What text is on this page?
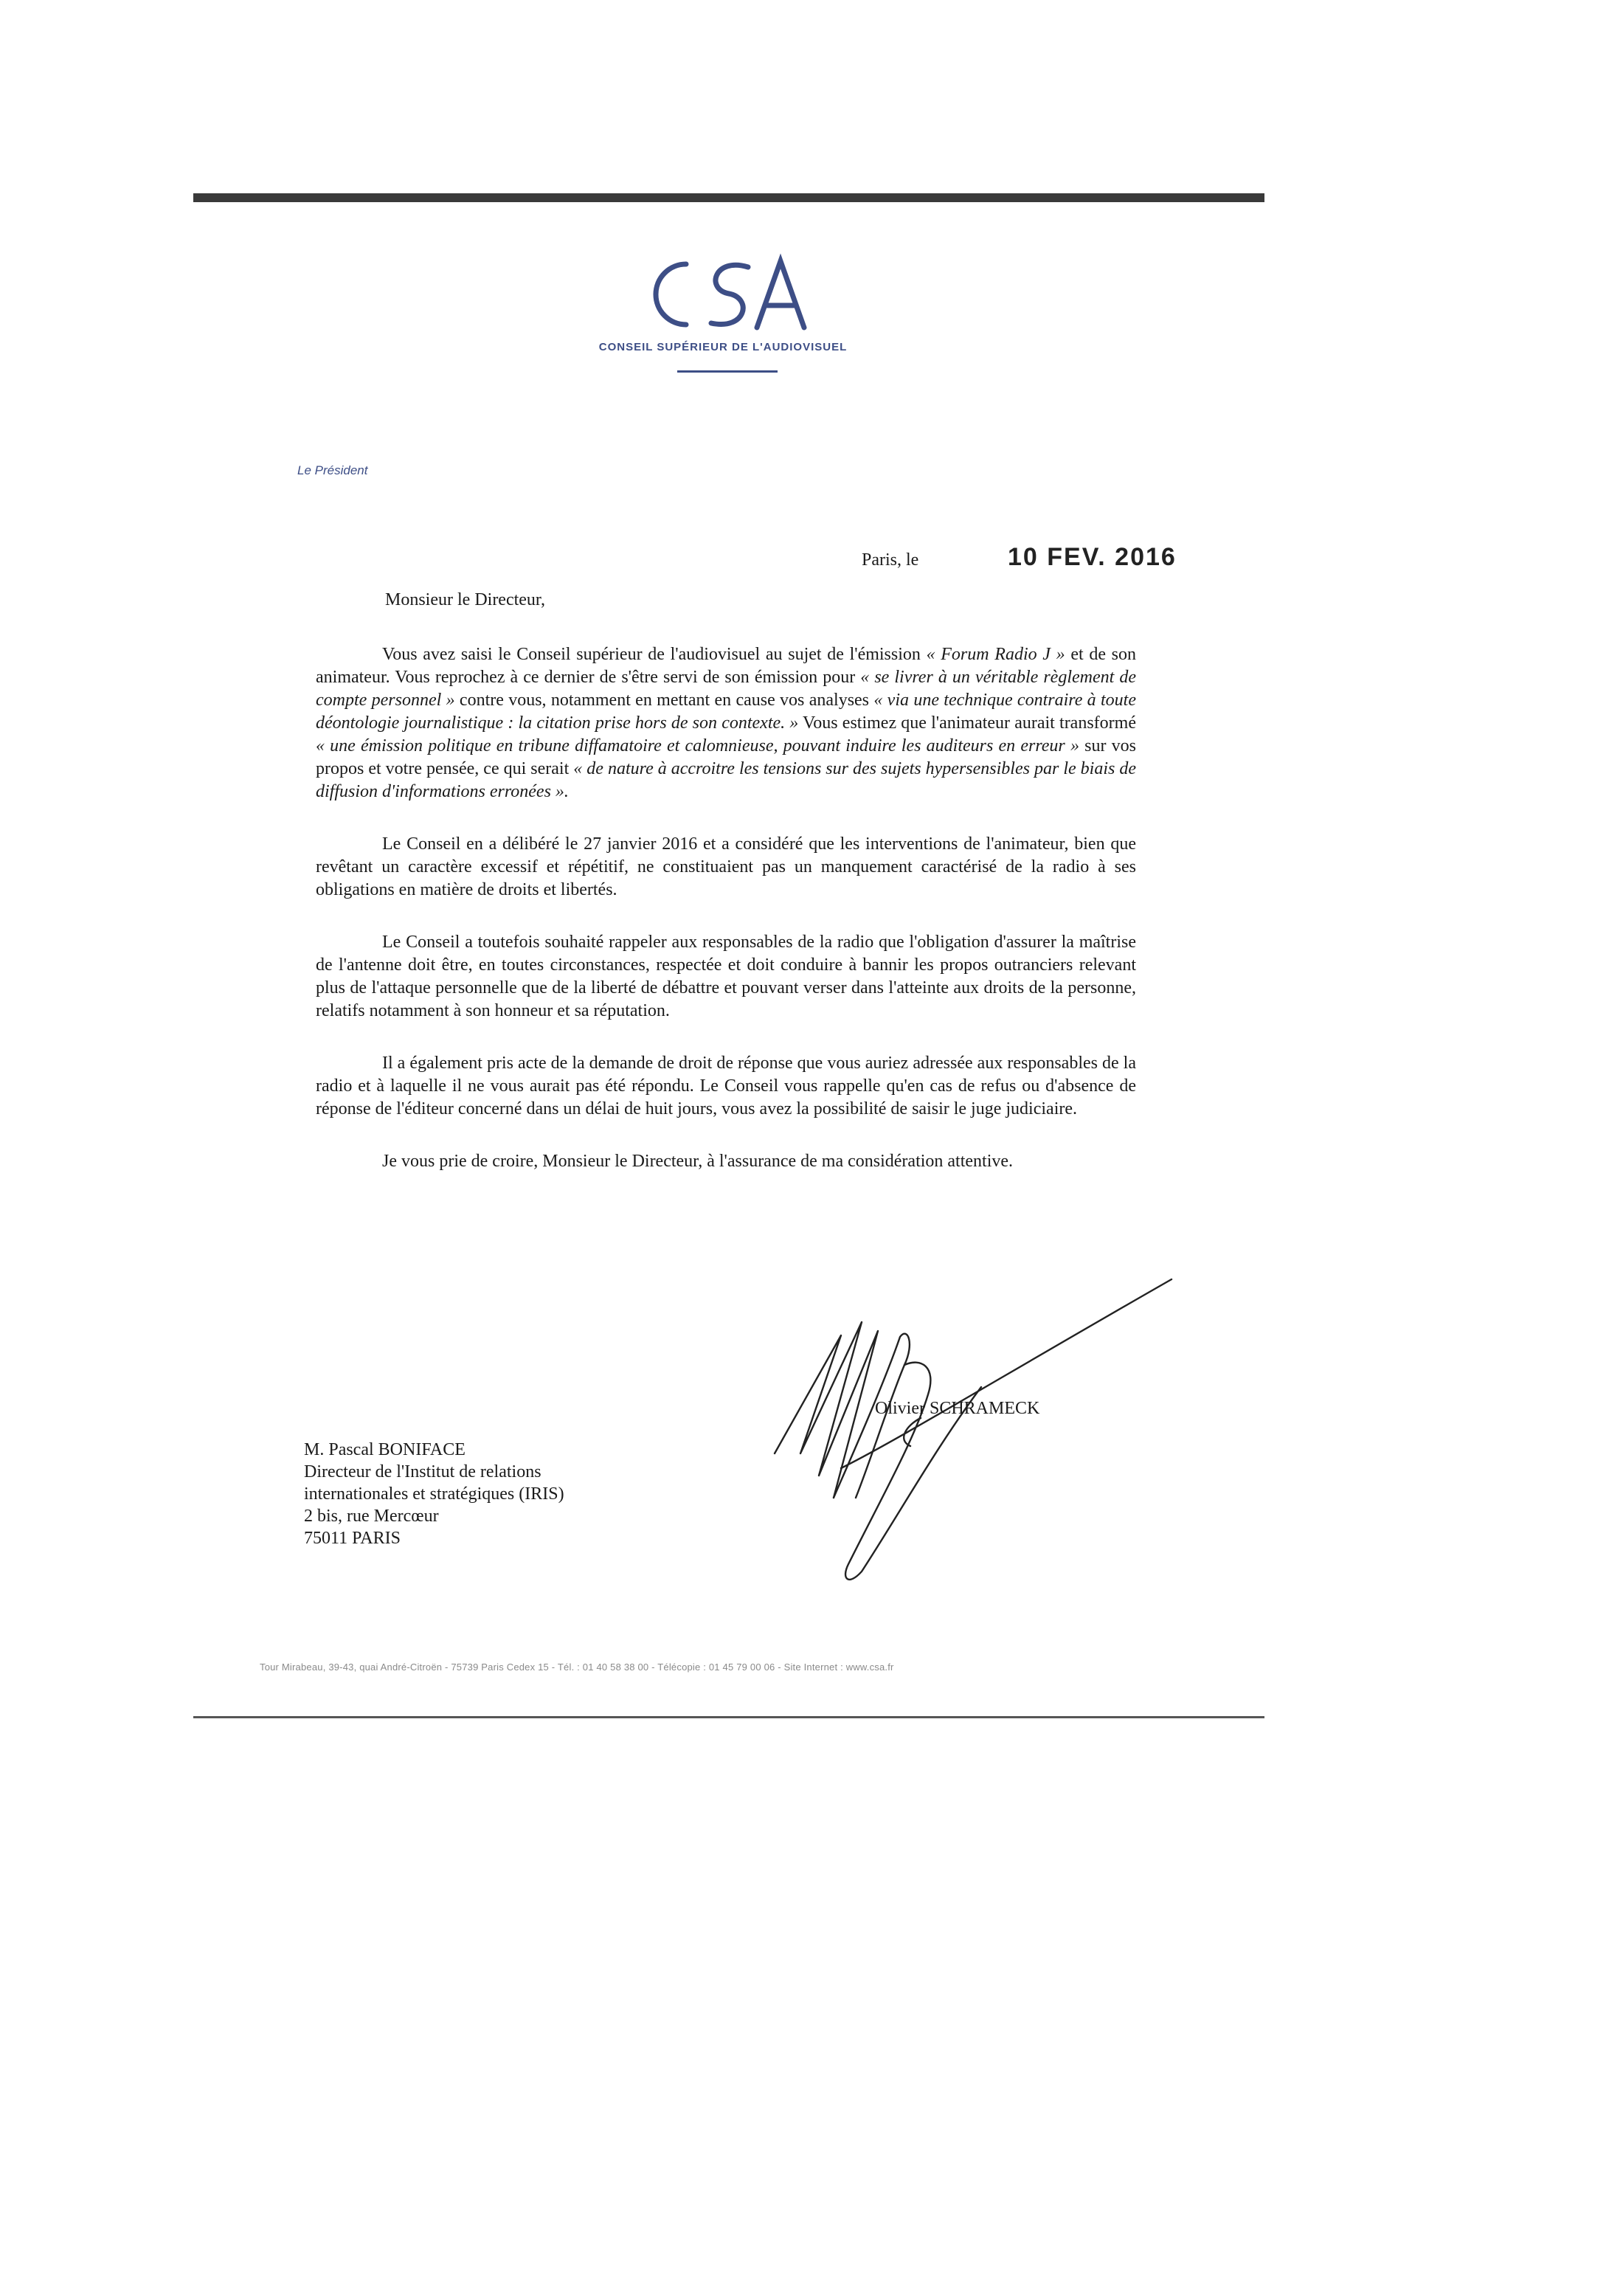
CONSEIL SUPÉRIEUR DE L'AUDIOVISUEL
Le Président
Paris, le	10 FEV. 2016
Monsieur le Directeur,

Vous avez saisi le Conseil supérieur de l'audiovisuel au sujet de l'émission « Forum Radio J » et de son animateur. Vous reprochez à ce dernier de s'être servi de son émission pour « se livrer à un véritable règlement de compte personnel » contre vous, notamment en mettant en cause vos analyses « via une technique contraire à toute déontologie journalistique : la citation prise hors de son contexte. » Vous estimez que l'animateur aurait transformé « une émission politique en tribune diffamatoire et calomnieuse, pouvant induire les auditeurs en erreur » sur vos propos et votre pensée, ce qui serait « de nature à accroitre les tensions sur des sujets hypersensibles par le biais de diffusion d'informations erronées ».

Le Conseil en a délibéré le 27 janvier 2016 et a considéré que les interventions de l'animateur, bien que revêtant un caractère excessif et répétitif, ne constituaient pas un manquement caractérisé de la radio à ses obligations en matière de droits et libertés.

Le Conseil a toutefois souhaité rappeler aux responsables de la radio que l'obligation d'assurer la maîtrise de l'antenne doit être, en toutes circonstances, respectée et doit conduire à bannir les propos outranciers relevant plus de l'attaque personnelle que de la liberté de débattre et pouvant verser dans l'atteinte aux droits de la personne, relatifs notamment à son honneur et sa réputation.

Il a également pris acte de la demande de droit de réponse que vous auriez adressée aux responsables de la radio et à laquelle il ne vous aurait pas été répondu. Le Conseil vous rappelle qu'en cas de refus ou d'absence de réponse de l'éditeur concerné dans un délai de huit jours, vous avez la possibilité de saisir le juge judiciaire.

Je vous prie de croire, Monsieur le Directeur, à l'assurance de ma considération attentive.

Olivier SCHRAMECK
M. Pascal BONIFACE
Directeur de l'Institut de relations
internationales et stratégiques (IRIS)
2 bis, rue Mercœur
75011 PARIS
Tour Mirabeau, 39-43, quai André-Citroën - 75739 Paris Cedex 15 - Tél. : 01 40 58 38 00 - Télécopie : 01 45 79 00 06 - Site Internet : www.csa.fr
